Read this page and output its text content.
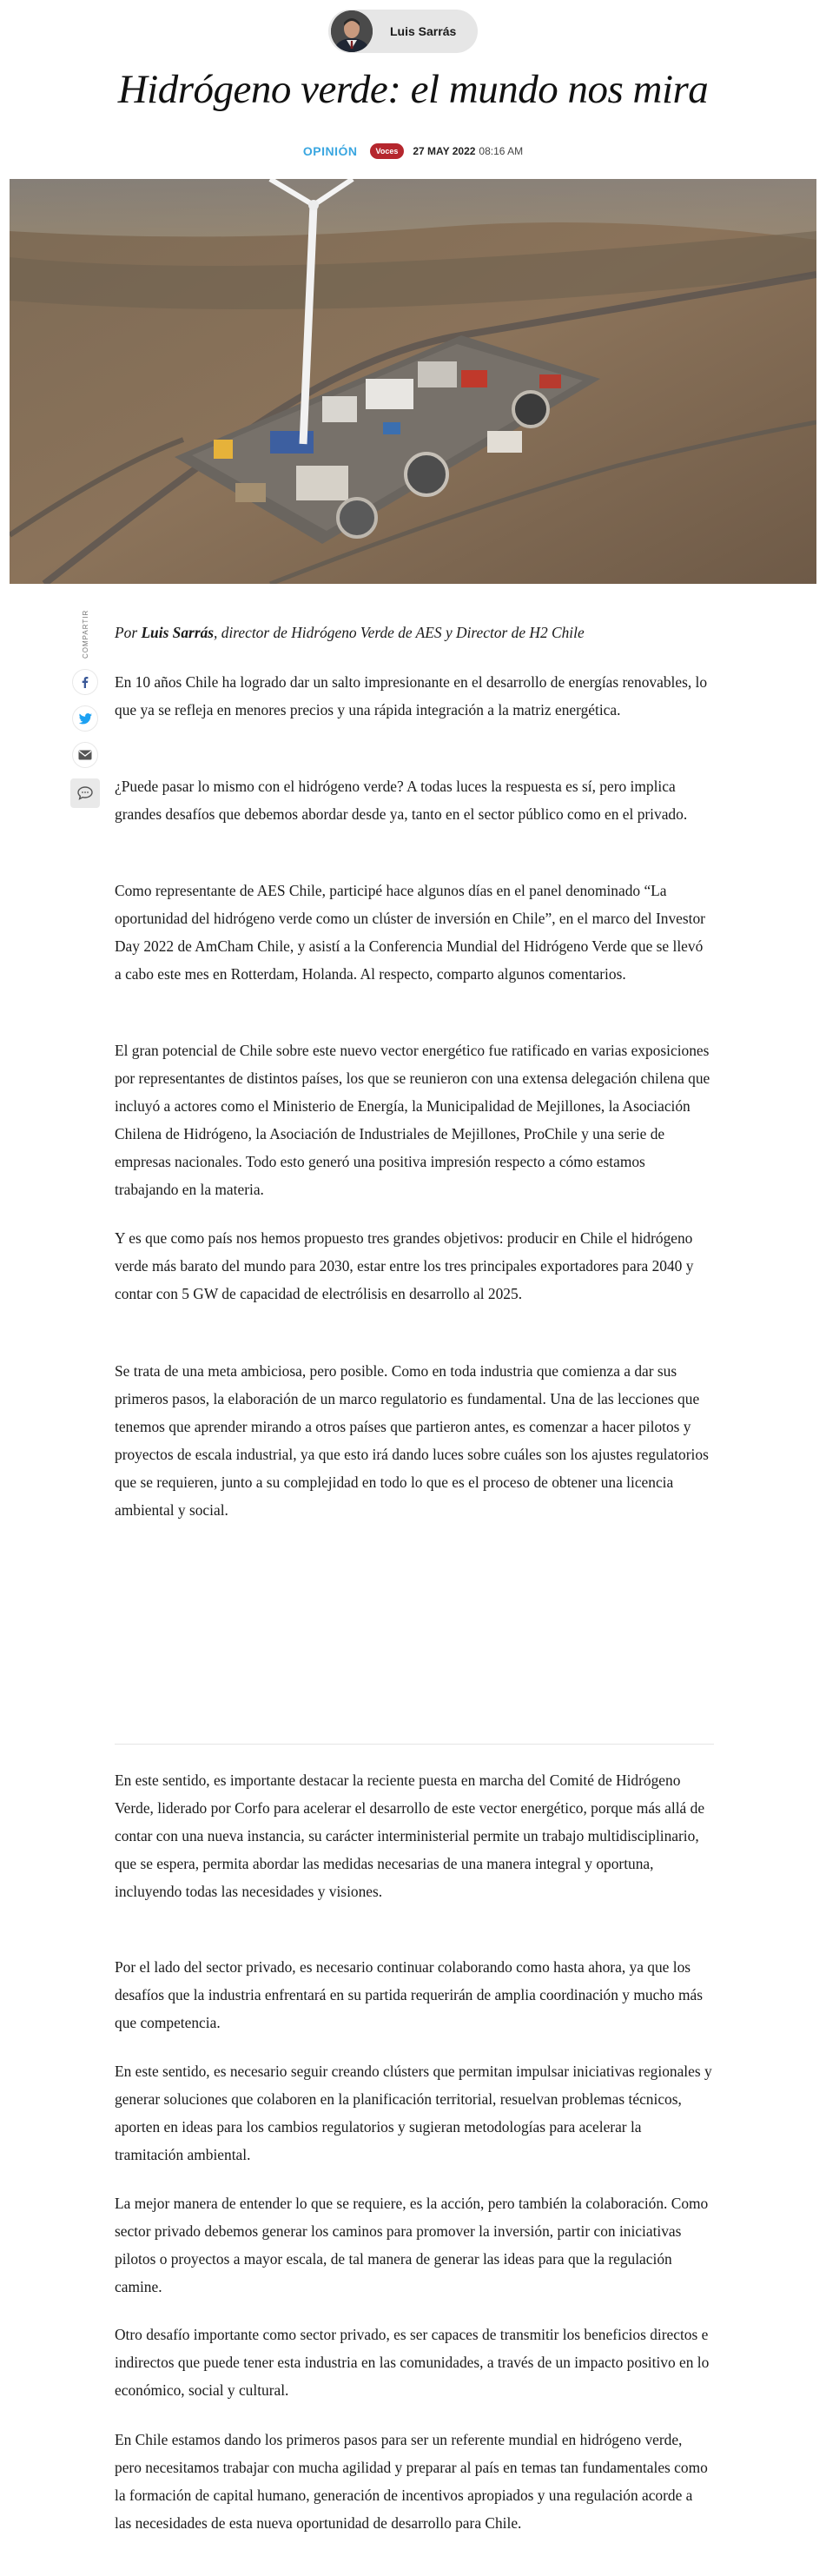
Luis Sarrás
Hidrógeno verde: el mundo nos mira
OPINIÓN	Voces	27 MAY 2022 08:16 AM
COMPARTIR Por Luis Sarrás, director de Hidrógeno Verde de AES y Director de H2 Chile

En 10 años Chile ha logrado dar un salto impresionante en el desarrollo de energías renovables, lo que ya se refleja en menores precios y una rápida integración a la matriz energética.

¿Puede pasar lo mismo con el hidrógeno verde? A todas luces la respuesta es sí, pero implica grandes desafíos que debemos abordar desde ya, tanto en el sector público como en el privado.

Como representante de AES Chile, participé hace algunos días en el panel denominado “La oportunidad del hidrógeno verde como un clúster de inversión en Chile”, en el marco del Investor Day 2022 de AmCham Chile, y asistí a la Conferencia Mundial del Hidrógeno Verde que se llevó a cabo este mes en Rotterdam, Holanda. Al respecto, comparto algunos comentarios.

El gran potencial de Chile sobre este nuevo vector energético fue ratificado en varias exposiciones por representantes de distintos países, los que se reunieron con una extensa delegación chilena que incluyó a actores como el Ministerio de Energía, la Municipalidad de Mejillones, la Asociación Chilena de Hidrógeno, la Asociación de Industriales de Mejillones, ProChile y una serie de empresas nacionales. Todo esto generó una positiva impresión respecto a cómo estamos trabajando en la materia.

Y es que como país nos hemos propuesto tres grandes objetivos: producir en Chile el hidrógeno verde más barato del mundo para 2030, estar entre los tres principales exportadores para 2040 y contar con 5 GW de capacidad de electrólisis en desarrollo al 2025.

Se trata de una meta ambiciosa, pero posible. Como en toda industria que comienza a dar sus primeros pasos, la elaboración de un marco regulatorio es fundamental. Una de las lecciones que tenemos que aprender mirando a otros países que partieron antes, es comenzar a hacer pilotos y proyectos de escala industrial, ya que esto irá dando luces sobre cuáles son los ajustes regulatorios que se requieren, junto a su complejidad en todo lo que es el proceso de obtener una licencia ambiental y social.

En este sentido, es importante destacar la reciente puesta en marcha del Comité de Hidrógeno Verde, liderado por Corfo para acelerar el desarrollo de este vector energético, porque más allá de contar con una nueva instancia, su carácter interministerial permite un trabajo multidisciplinario, que se espera, permita abordar las medidas necesarias de una manera integral y oportuna, incluyendo todas las necesidades y visiones.

Por el lado del sector privado, es necesario continuar colaborando como hasta ahora, ya que los desafíos que la industria enfrentará en su partida requerirán de amplia coordinación y mucho más que competencia.

En este sentido, es necesario seguir creando clústers que permitan impulsar iniciativas regionales y generar soluciones que colaboren en la planificación territorial, resuelvan problemas técnicos, aporten en ideas para los cambios regulatorios y sugieran metodologías para acelerar la tramitación ambiental.

La mejor manera de entender lo que se requiere, es la acción, pero también la colaboración. Como sector privado debemos generar los caminos para promover la inversión, partir con iniciativas pilotos o proyectos a mayor escala, de tal manera de generar las ideas para que la regulación camine.

Otro desafío importante como sector privado, es ser capaces de transmitir los beneficios directos e indirectos que puede tener esta industria en las comunidades, a través de un impacto positivo en lo económico, social y cultural.

En Chile estamos dando los primeros pasos para ser un referente mundial en hidrógeno verde, pero necesitamos trabajar con mucha agilidad y preparar al país en temas tan fundamentales como la formación de capital humano, generación de incentivos apropiados y una regulación acorde a las necesidades de esta nueva oportunidad de desarrollo para Chile.
